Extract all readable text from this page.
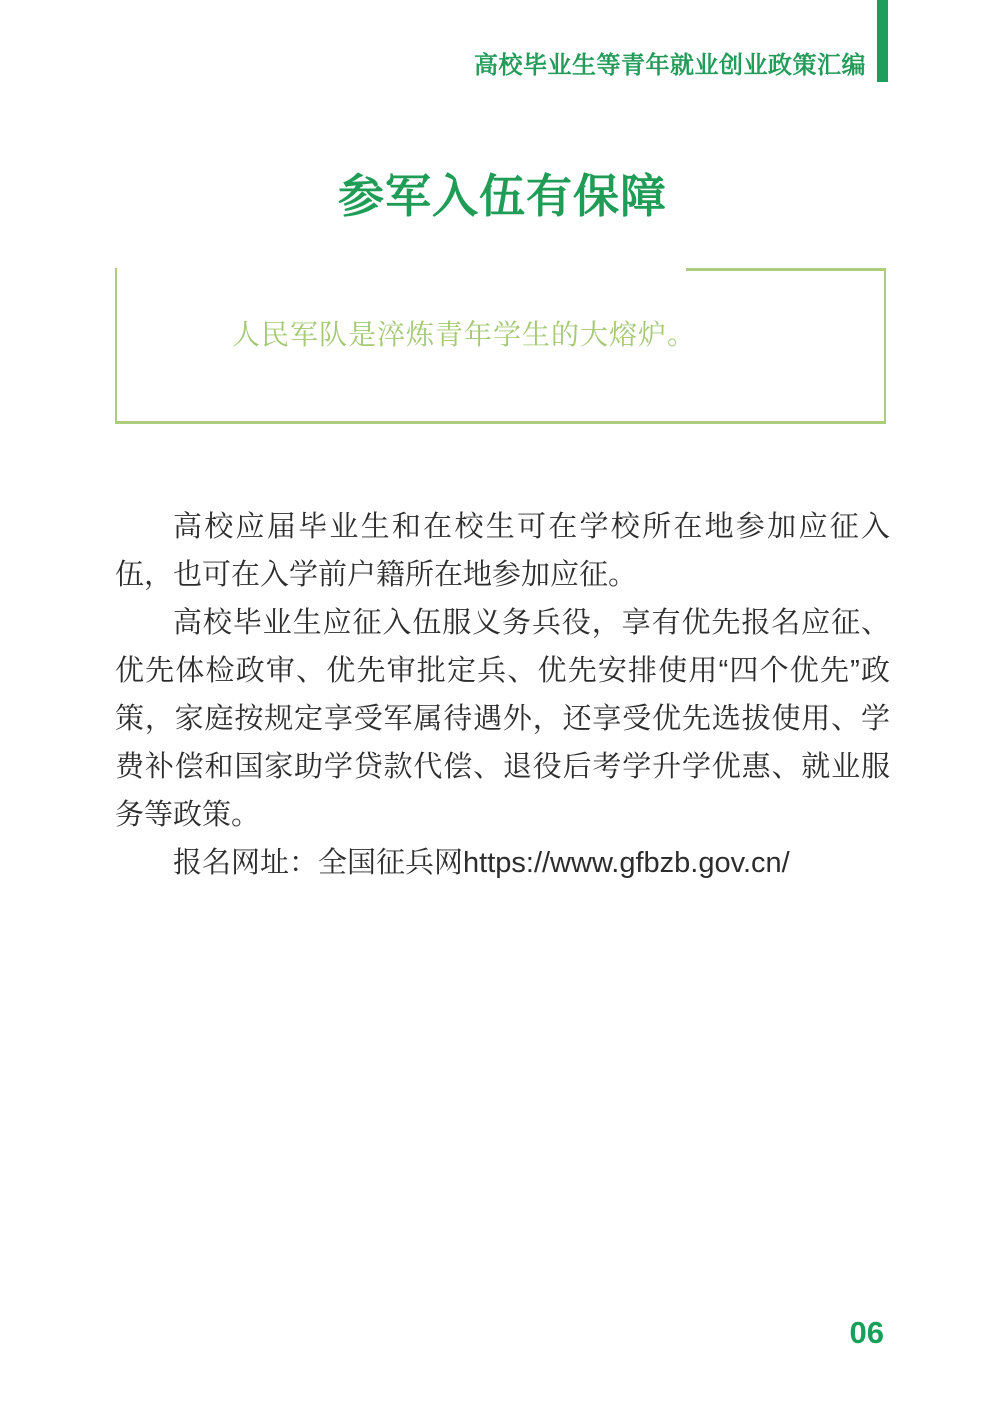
高校毕业生等青年就业创业政策汇编
参军入伍有保障
人民军队是淬炼青年学生的大熔炉。

高校应届毕业生和在校生可在学校所在地参加应征入伍，也可在入学前户籍所在地参加应征。

高校毕业生应征入伍服义务兵役，享有优先报名应征、优先体检政审、优先审批定兵、优先安排使用“四个优先”政策，家庭按规定享受军属待遇外，还享受优先选拔使用、学费补偿和国家助学贷款代偿、退役后考学升学优惠、就业服务等政策。

报名网址：全国征兵网https://www.gfbzb.gov.cn/

06
